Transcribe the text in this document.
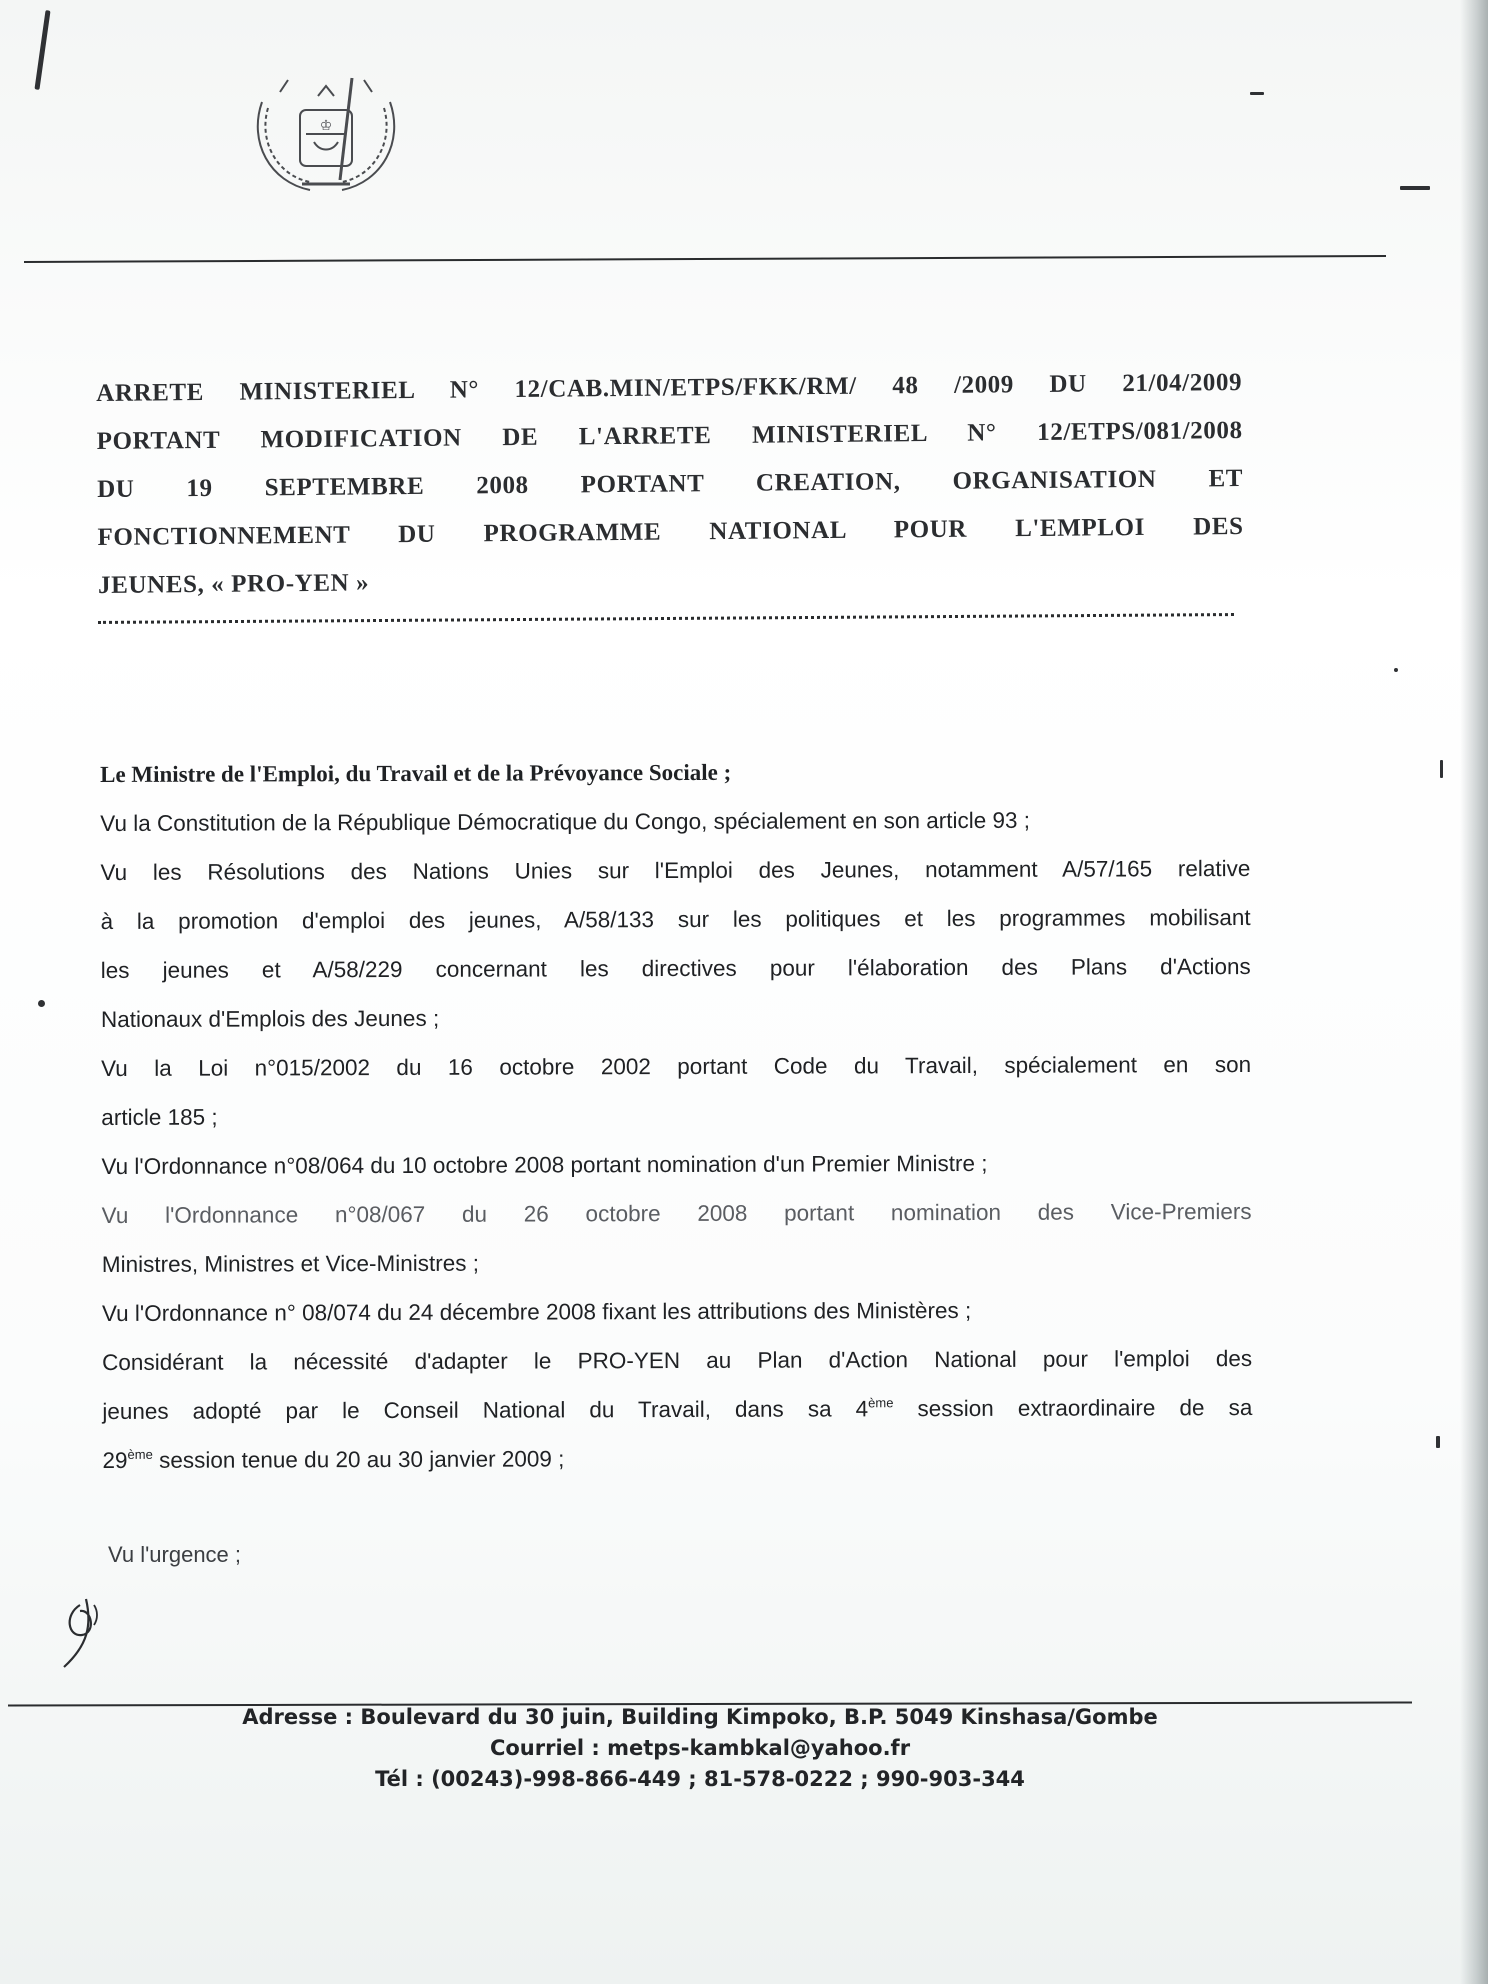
♔
ARRETE MINISTERIEL N° 12/CAB.MIN/ETPS/FKK/RM/ 48 /2009 DU 21/04/2009
PORTANT MODIFICATION DE L'ARRETE MINISTERIEL N° 12/ETPS/081/2008
DU 19 SEPTEMBRE 2008 PORTANT CREATION, ORGANISATION ET
FONCTIONNEMENT DU PROGRAMME NATIONAL POUR L'EMPLOI DES
JEUNES, « PRO-YEN »

Le Ministre de l'Emploi, du Travail et de la Prévoyance Sociale ;

Vu la Constitution de la République Démocratique du Congo, spécialement en son article 93 ;
Vu les Résolutions des Nations Unies sur l'Emploi des Jeunes, notamment A/57/165 relative
à la promotion d'emploi des jeunes, A/58/133 sur les politiques et les programmes mobilisant
les jeunes et A/58/229 concernant les directives pour l'élaboration des Plans d'Actions
Nationaux d'Emplois des Jeunes ;
Vu la Loi n°015/2002 du 16 octobre 2002 portant Code du Travail, spécialement en son
article 185 ;
Vu l'Ordonnance n°08/064 du 10 octobre 2008 portant nomination d'un Premier Ministre ;
Vu l'Ordonnance n°08/067 du 26 octobre 2008 portant nomination des Vice-Premiers
Ministres, Ministres et Vice-Ministres ;
Vu l'Ordonnance n° 08/074 du 24 décembre 2008 fixant les attributions des Ministères ;
Considérant la nécessité d'adapter le PRO-YEN au Plan d'Action National pour l'emploi des
jeunes adopté par le Conseil National du Travail, dans sa 4ème session extraordinaire de sa
29ème session tenue du 20 au 30 janvier 2009 ;
Vu l'urgence ;
Adresse : Boulevard du 30 juin, Building Kimpoko, B.P. 5049 Kinshasa/Gombe
Courriel : metps-kambkal@yahoo.fr
Tél : (00243)-998-866-449 ; 81-578-0222 ; 990-903-344
